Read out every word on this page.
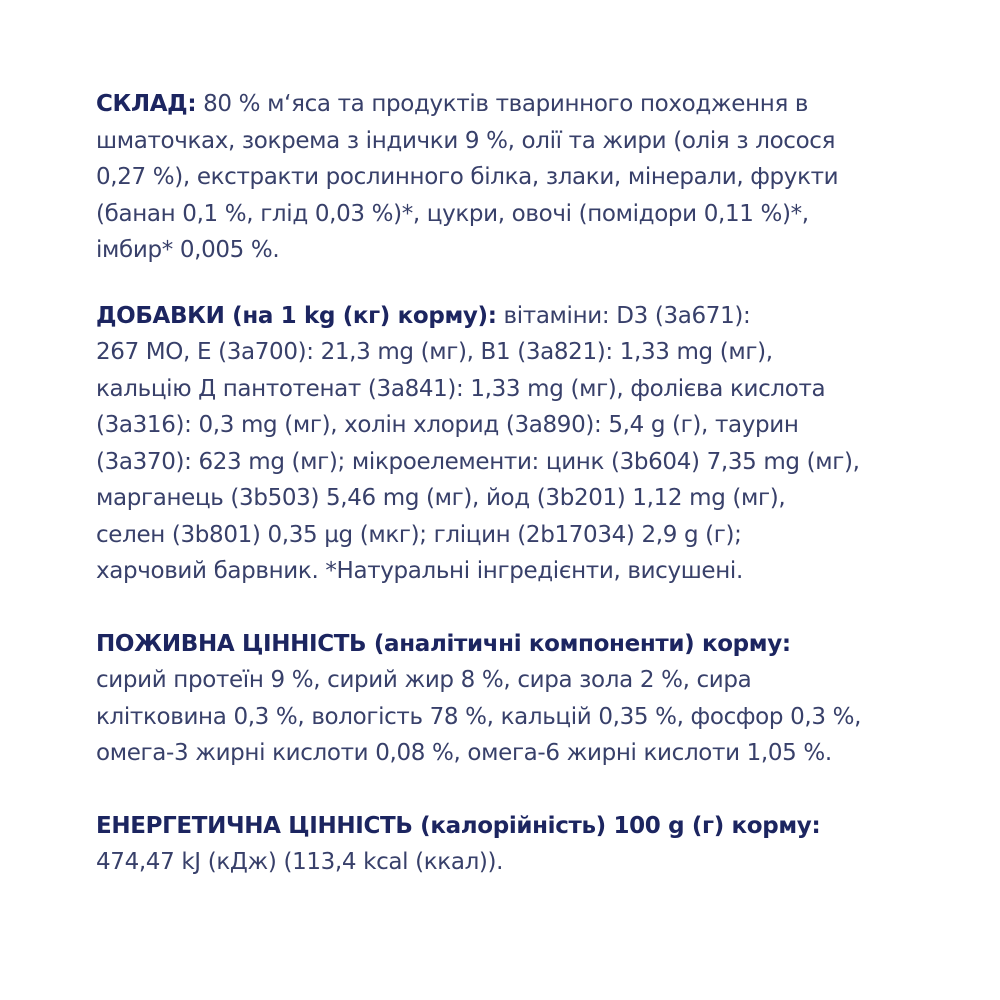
СКЛАД: 80 % м‘яса та продуктів тваринного походження в
шматочках, зокрема з індички 9 %, олії та жири (олія з лосося
0,27 %), екстракти рослинного білка, злаки, мінерали, фрукти
(банан 0,1 %, глід 0,03 %)*, цукри, овочі (помідори 0,11 %)*,
імбир* 0,005 %.
ДОБАВКИ (на 1 kg (кг) корму): вітаміни: D3 (3a671):
267 МО, Е (3a700): 21,3 mg (мг), B1 (3a821): 1,33 mg (мг),
кальцію Д пантотенат (3a841): 1,33 mg (мг), фолієва кислота
(3a316): 0,3 mg (мг), холін хлорид (3a890): 5,4 g (г), таурин
(3a370): 623 mg (мг); мікроелементи: цинк (3b604) 7,35 mg (мг),
марганець (3b503) 5,46 mg (мг), йод (3b201) 1,12 mg (мг),
селен (3b801) 0,35 µg (мкг); гліцин (2b17034) 2,9 g (г);
харчовий барвник. *Натуральні інгредієнти, висушені.
ПОЖИВНА ЦІННІСТЬ (аналітичні компоненти) корму:
сирий протеїн 9 %, сирий жир 8 %, сира зола 2 %, сира
клітковина 0,3 %, вологість 78 %, кальцій 0,35 %, фосфор 0,3 %,
омега-3 жирні кислоти 0,08 %, омега-6 жирні кислоти 1,05 %.
ЕНЕРГЕТИЧНА ЦІННІСТЬ (калорійність) 100 g (г) корму:
474,47 kJ (кДж) (113,4 kcal (ккал)).
